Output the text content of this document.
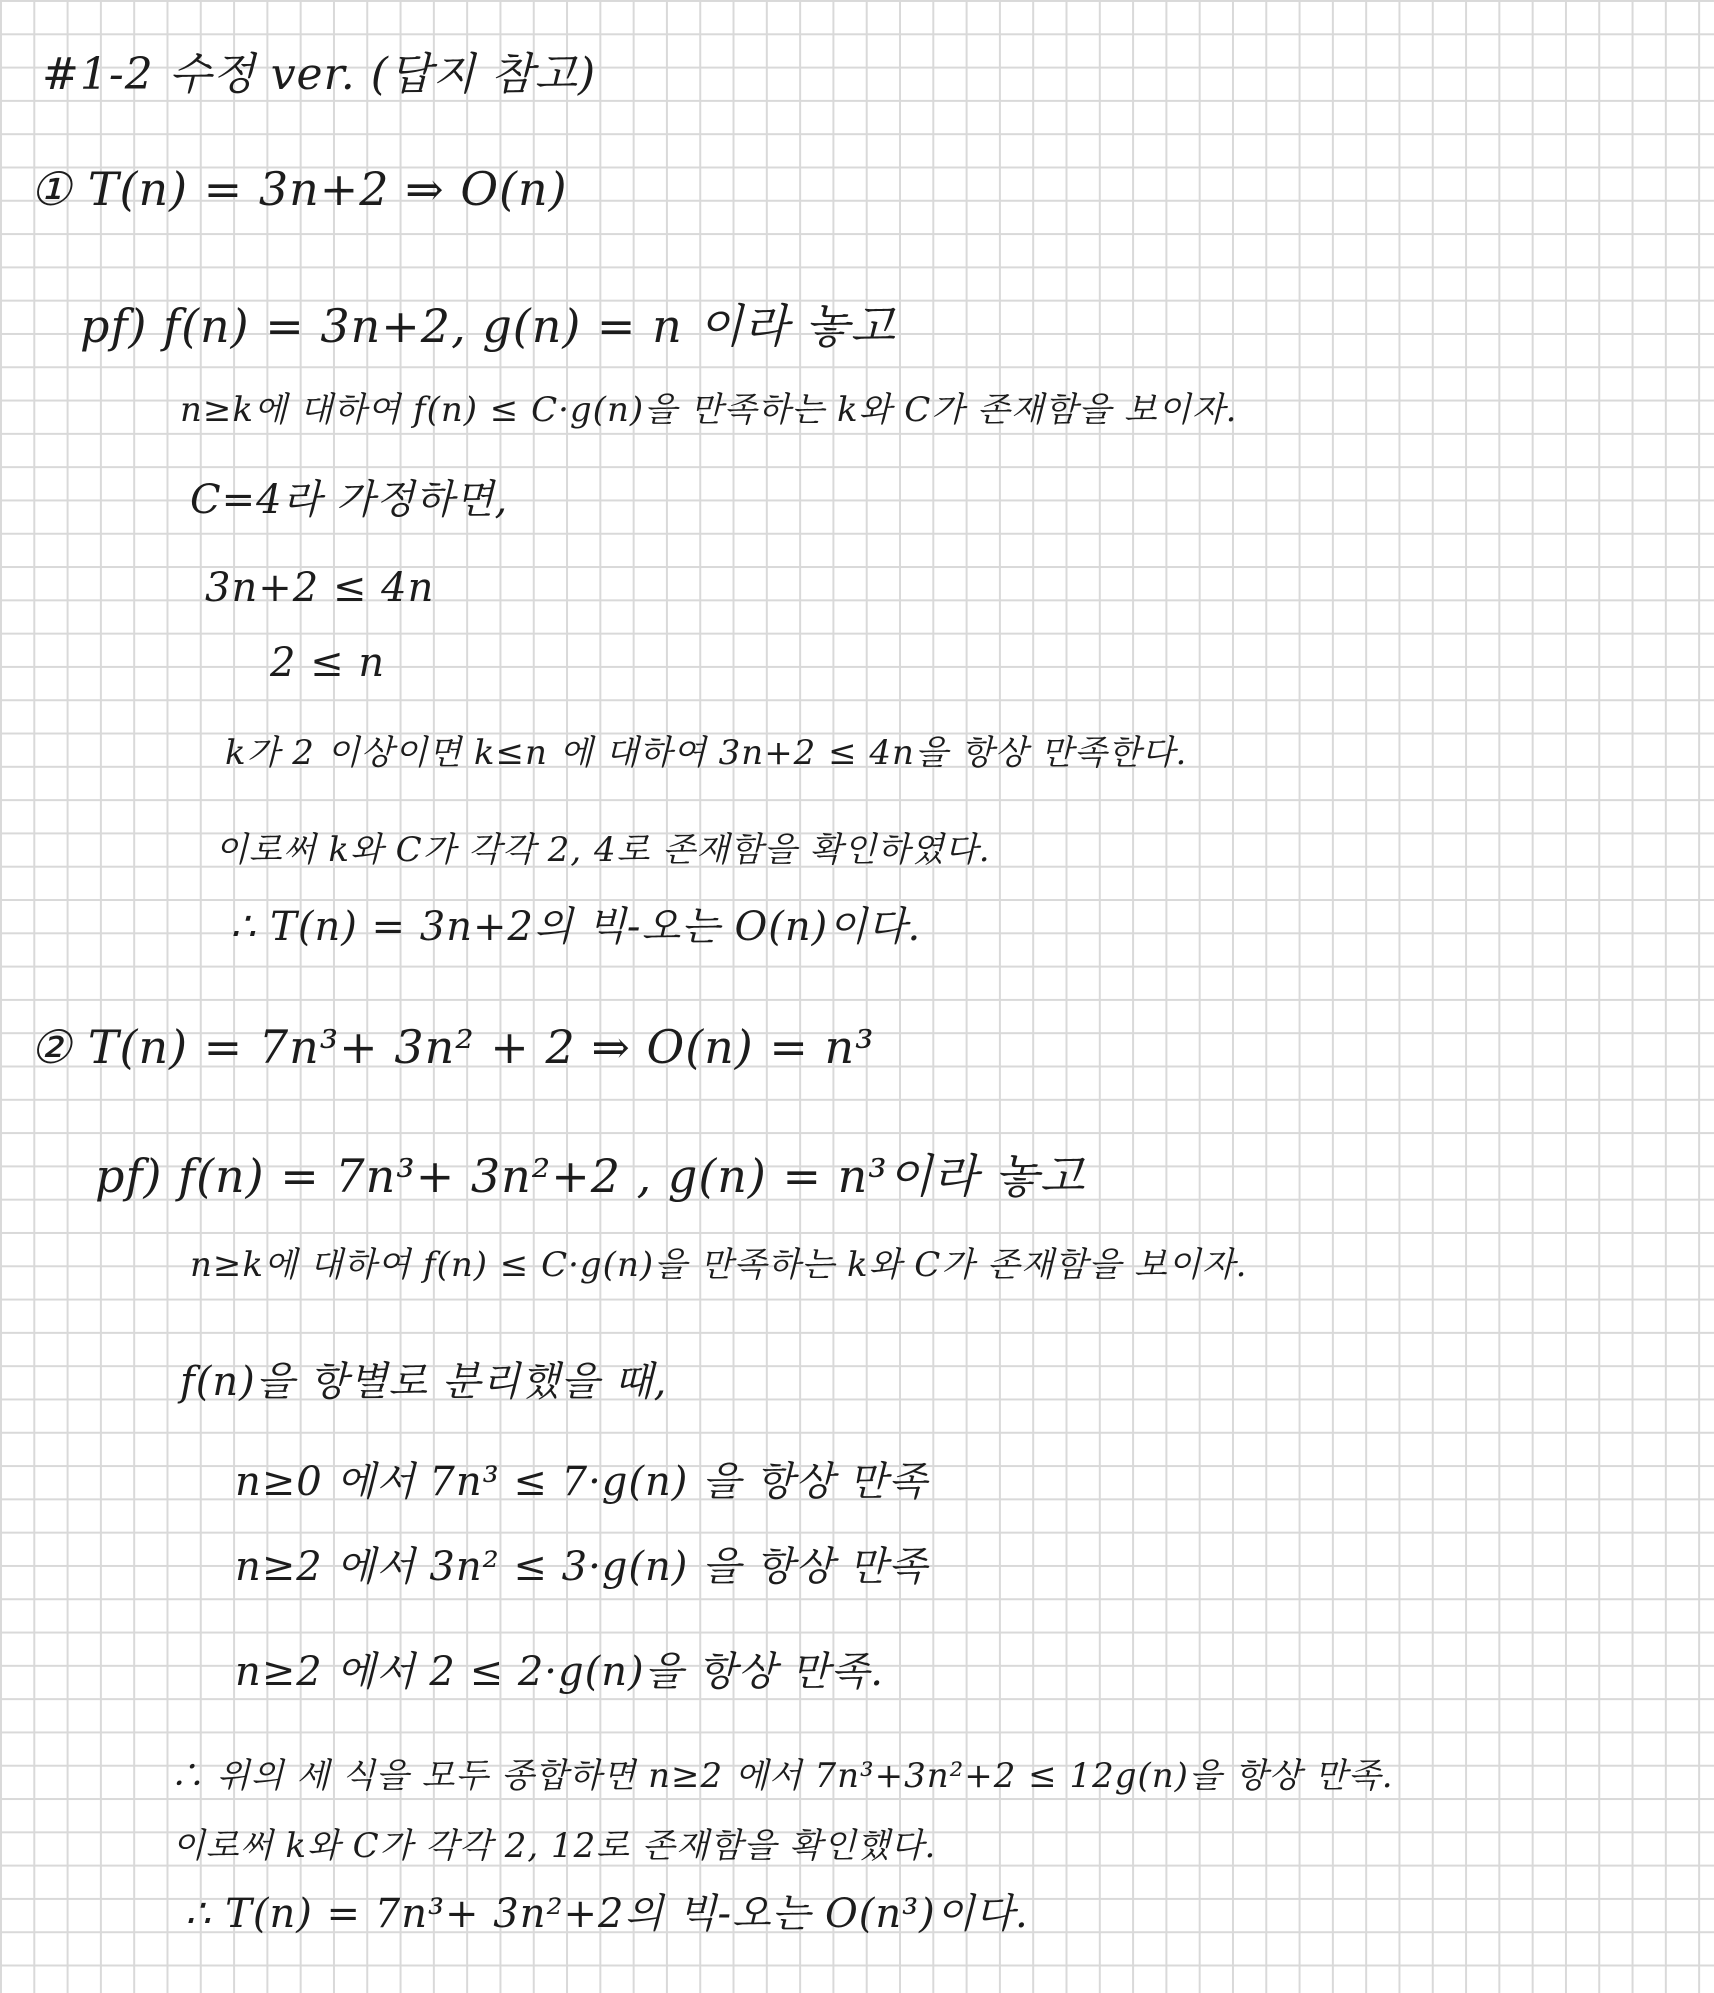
#1-2 수정 ver. (답지 참고)
① T(n) = 3n+2 ⇒ O(n)
pf) f(n) = 3n+2, g(n) = n 이라 놓고
n≥k에 대하여 f(n) ≤ C·g(n)을 만족하는 k와 C가 존재함을 보이자.
C=4라 가정하면,
3n+2 ≤ 4n
2 ≤ n
k가 2 이상이면 k≤n 에 대하여 3n+2 ≤ 4n을 항상 만족한다.
이로써 k와 C가 각각 2, 4로 존재함을 확인하였다.
∴ T(n) = 3n+2의 빅-오는 O(n)이다.
② T(n) = 7n³+ 3n² + 2 ⇒ O(n) = n³
pf) f(n) = 7n³+ 3n²+2 , g(n) = n³이라 놓고
n≥k에 대하여 f(n) ≤ C·g(n)을 만족하는 k와 C가 존재함을 보이자.
f(n)을 항별로 분리했을 때,
n≥0 에서 7n³ ≤ 7·g(n) 을 항상 만족
n≥2 에서 3n² ≤ 3·g(n) 을 항상 만족
n≥2 에서 2 ≤ 2·g(n)을 항상 만족.
∴ 위의 세 식을 모두 종합하면 n≥2 에서 7n³+3n²+2 ≤ 12g(n)을 항상 만족.
이로써 k와 C가 각각 2, 12로 존재함을 확인했다.
∴ T(n) = 7n³+ 3n²+2의 빅-오는 O(n³)이다.
